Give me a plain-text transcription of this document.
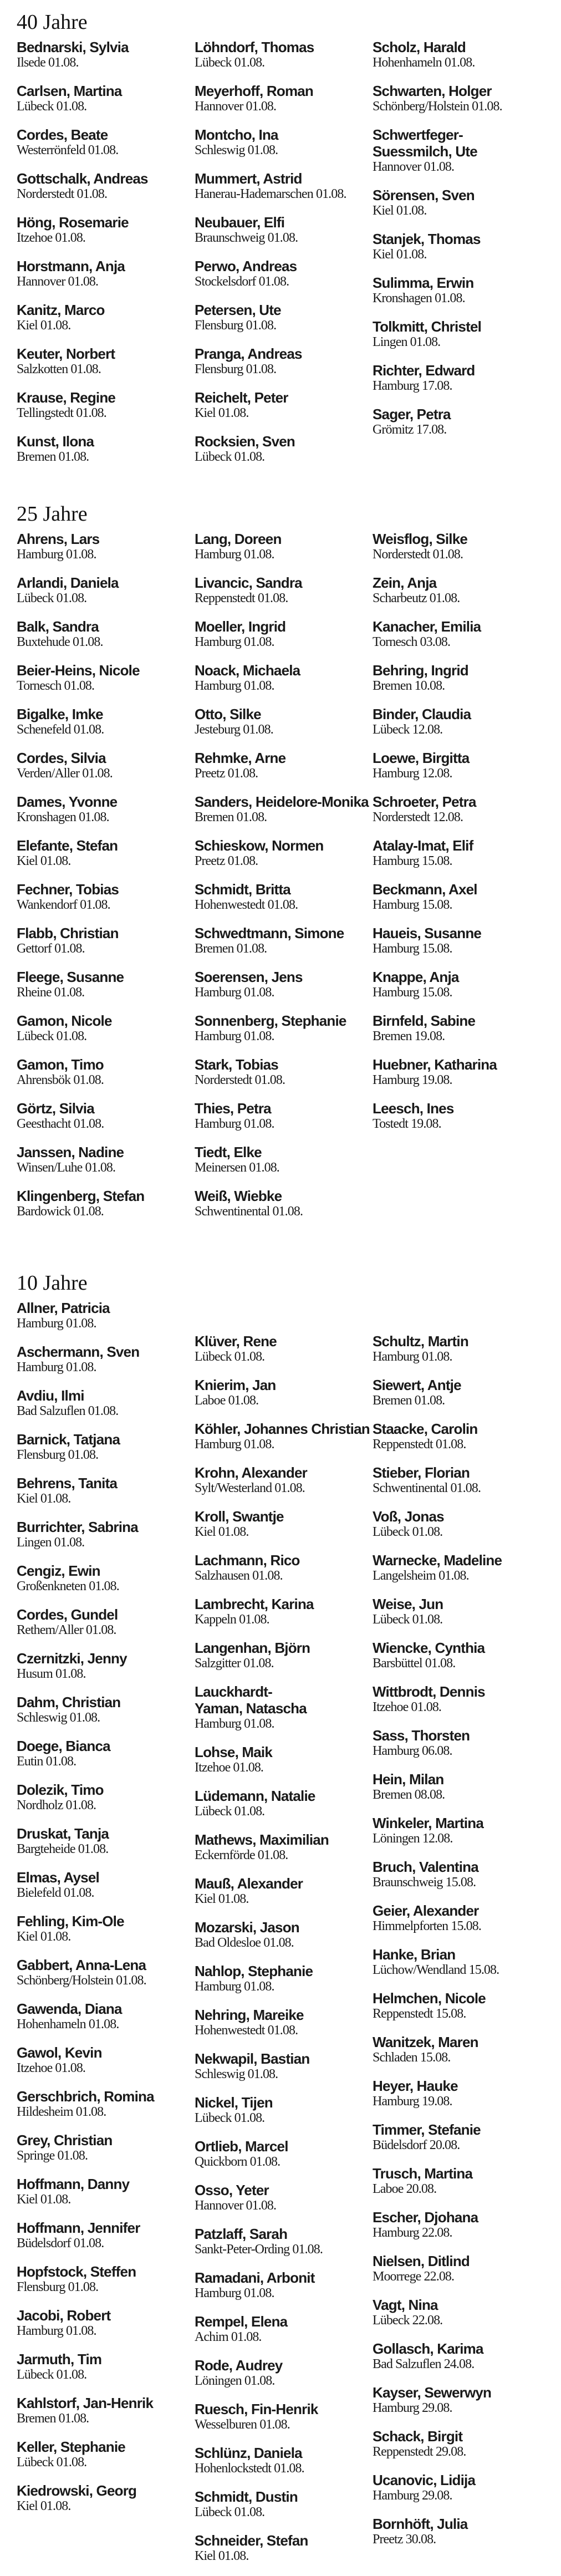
40 Jahre
Bednarski, Sylvia
Ilsede 01.08.
Carlsen, Martina
Lübeck 01.08.
Cordes, Beate
Westerrönfeld 01.08.
Gottschalk, Andreas
Norderstedt 01.08.
Höng, Rosemarie
Itzehoe 01.08.
Horstmann, Anja
Hannover 01.08.
Kanitz, Marco
Kiel 01.08.
Keuter, Norbert
Salzkotten 01.08.
Krause, Regine
Tellingstedt 01.08.
Kunst, Ilona
Bremen 01.08.
Löhndorf, Thomas
Lübeck 01.08.
Meyerhoff, Roman
Hannover 01.08.
Montcho, Ina
Schleswig 01.08.
Mummert, Astrid
Hanerau-Hademarschen 01.08.
Neubauer, Elfi
Braunschweig 01.08.
Perwo, Andreas
Stockelsdorf 01.08.
Petersen, Ute
Flensburg 01.08.
Pranga, Andreas
Flensburg 01.08.
Reichelt, Peter
Kiel 01.08.
Rocksien, Sven
Lübeck 01.08.
Scholz, Harald
Hohenhameln 01.08.
Schwarten, Holger
Schönberg/Holstein 01.08.
Schwertfeger-
Suessmilch, Ute
Hannover 01.08.
Sörensen, Sven
Kiel 01.08.
Stanjek, Thomas
Kiel 01.08.
Sulimma, Erwin
Kronshagen 01.08.
Tolkmitt, Christel
Lingen 01.08.
Richter, Edward
Hamburg 17.08.
Sager, Petra
Grömitz 17.08.
25 Jahre
Ahrens, Lars
Hamburg 01.08.
Arlandi, Daniela
Lübeck 01.08.
Balk, Sandra
Buxtehude 01.08.
Beier-Heins, Nicole
Tornesch 01.08.
Bigalke, Imke
Schenefeld 01.08.
Cordes, Silvia
Verden/Aller 01.08.
Dames, Yvonne
Kronshagen 01.08.
Elefante, Stefan
Kiel 01.08.
Fechner, Tobias
Wankendorf 01.08.
Flabb, Christian
Gettorf 01.08.
Fleege, Susanne
Rheine 01.08.
Gamon, Nicole
Lübeck 01.08.
Gamon, Timo
Ahrensbök 01.08.
Görtz, Silvia
Geesthacht 01.08.
Janssen, Nadine
Winsen/Luhe 01.08.
Klingenberg, Stefan
Bardowick 01.08.
Lang, Doreen
Hamburg 01.08.
Livancic, Sandra
Reppenstedt 01.08.
Moeller, Ingrid
Hamburg 01.08.
Noack, Michaela
Hamburg 01.08.
Otto, Silke
Jesteburg 01.08.
Rehmke, Arne
Preetz 01.08.
Sanders, Heidelore-Monika
Bremen 01.08.
Schieskow, Normen
Preetz 01.08.
Schmidt, Britta
Hohenwestedt 01.08.
Schwedtmann, Simone
Bremen 01.08.
Soerensen, Jens
Hamburg 01.08.
Sonnenberg, Stephanie
Hamburg 01.08.
Stark, Tobias
Norderstedt 01.08.
Thies, Petra
Hamburg 01.08.
Tiedt, Elke
Meinersen 01.08.
Weiß, Wiebke
Schwentinental 01.08.
Weisflog, Silke
Norderstedt 01.08.
Zein, Anja
Scharbeutz 01.08.
Kanacher, Emilia
Tornesch 03.08.
Behring, Ingrid
Bremen 10.08.
Binder, Claudia
Lübeck 12.08.
Loewe, Birgitta
Hamburg 12.08.
Schroeter, Petra
Norderstedt 12.08.
Atalay-Imat, Elif
Hamburg 15.08.
Beckmann, Axel
Hamburg 15.08.
Haueis, Susanne
Hamburg 15.08.
Knappe, Anja
Hamburg 15.08.
Birnfeld, Sabine
Bremen 19.08.
Huebner, Katharina
Hamburg 19.08.
Leesch, Ines
Tostedt 19.08.
10 Jahre
Allner, Patricia
Hamburg 01.08.
Aschermann, Sven
Hamburg 01.08.
Avdiu, Ilmi
Bad Salzuflen 01.08.
Barnick, Tatjana
Flensburg 01.08.
Behrens, Tanita
Kiel 01.08.
Burrichter, Sabrina
Lingen 01.08.
Cengiz, Ewin
Großenkneten 01.08.
Cordes, Gundel
Rethem/Aller 01.08.
Czernitzki, Jenny
Husum 01.08.
Dahm, Christian
Schleswig 01.08.
Doege, Bianca
Eutin 01.08.
Dolezik, Timo
Nordholz 01.08.
Druskat, Tanja
Bargteheide 01.08.
Elmas, Aysel
Bielefeld 01.08.
Fehling, Kim-Ole
Kiel 01.08.
Gabbert, Anna-Lena
Schönberg/Holstein 01.08.
Gawenda, Diana
Hohenhameln 01.08.
Gawol, Kevin
Itzehoe 01.08.
Gerschbrich, Romina
Hildesheim 01.08.
Grey, Christian
Springe 01.08.
Hoffmann, Danny
Kiel 01.08.
Hoffmann, Jennifer
Büdelsdorf 01.08.
Hopfstock, Steffen
Flensburg 01.08.
Jacobi, Robert
Hamburg 01.08.
Jarmuth, Tim
Lübeck 01.08.
Kahlstorf, Jan-Henrik
Bremen 01.08.
Keller, Stephanie
Lübeck 01.08.
Kiedrowski, Georg
Kiel 01.08.
Klüver, Rene
Lübeck 01.08.
Knierim, Jan
Laboe 01.08.
Köhler, Johannes Christian
Hamburg 01.08.
Krohn, Alexander
Sylt/Westerland 01.08.
Kroll, Swantje
Kiel 01.08.
Lachmann, Rico
Salzhausen 01.08.
Lambrecht, Karina
Kappeln 01.08.
Langenhan, Björn
Salzgitter 01.08.
Lauckhardt-
Yaman, Natascha
Hamburg 01.08.
Lohse, Maik
Itzehoe 01.08.
Lüdemann, Natalie
Lübeck 01.08.
Mathews, Maximilian
Eckernförde 01.08.
Mauß, Alexander
Kiel 01.08.
Mozarski, Jason
Bad Oldesloe 01.08.
Nahlop, Stephanie
Hamburg 01.08.
Nehring, Mareike
Hohenwestedt 01.08.
Nekwapil, Bastian
Schleswig 01.08.
Nickel, Tijen
Lübeck 01.08.
Ortlieb, Marcel
Quickborn 01.08.
Osso, Yeter
Hannover 01.08.
Patzlaff, Sarah
Sankt-Peter-Ording 01.08.
Ramadani, Arbonit
Hamburg 01.08.
Rempel, Elena
Achim 01.08.
Rode, Audrey
Löningen 01.08.
Ruesch, Fin-Henrik
Wesselburen 01.08.
Schlünz, Daniela
Hohenlockstedt 01.08.
Schmidt, Dustin
Lübeck 01.08.
Schneider, Stefan
Kiel 01.08.
Schultz, Martin
Hamburg 01.08.
Siewert, Antje
Bremen 01.08.
Staacke, Carolin
Reppenstedt 01.08.
Stieber, Florian
Schwentinental 01.08.
Voß, Jonas
Lübeck 01.08.
Warnecke, Madeline
Langelsheim 01.08.
Weise, Jun
Lübeck 01.08.
Wiencke, Cynthia
Barsbüttel 01.08.
Wittbrodt, Dennis
Itzehoe 01.08.
Sass, Thorsten
Hamburg 06.08.
Hein, Milan
Bremen 08.08.
Winkeler, Martina
Löningen 12.08.
Bruch, Valentina
Braunschweig 15.08.
Geier, Alexander
Himmelpforten 15.08.
Hanke, Brian
Lüchow/Wendland 15.08.
Helmchen, Nicole
Reppenstedt 15.08.
Wanitzek, Maren
Schladen 15.08.
Heyer, Hauke
Hamburg 19.08.
Timmer, Stefanie
Büdelsdorf 20.08.
Trusch, Martina
Laboe 20.08.
Escher, Djohana
Hamburg 22.08.
Nielsen, Ditlind
Moorrege 22.08.
Vagt, Nina
Lübeck 22.08.
Gollasch, Karima
Bad Salzuflen 24.08.
Kayser, Sewerwyn
Hamburg 29.08.
Schack, Birgit
Reppenstedt 29.08.
Ucanovic, Lidija
Hamburg 29.08.
Bornhöft, Julia
Preetz 30.08.
